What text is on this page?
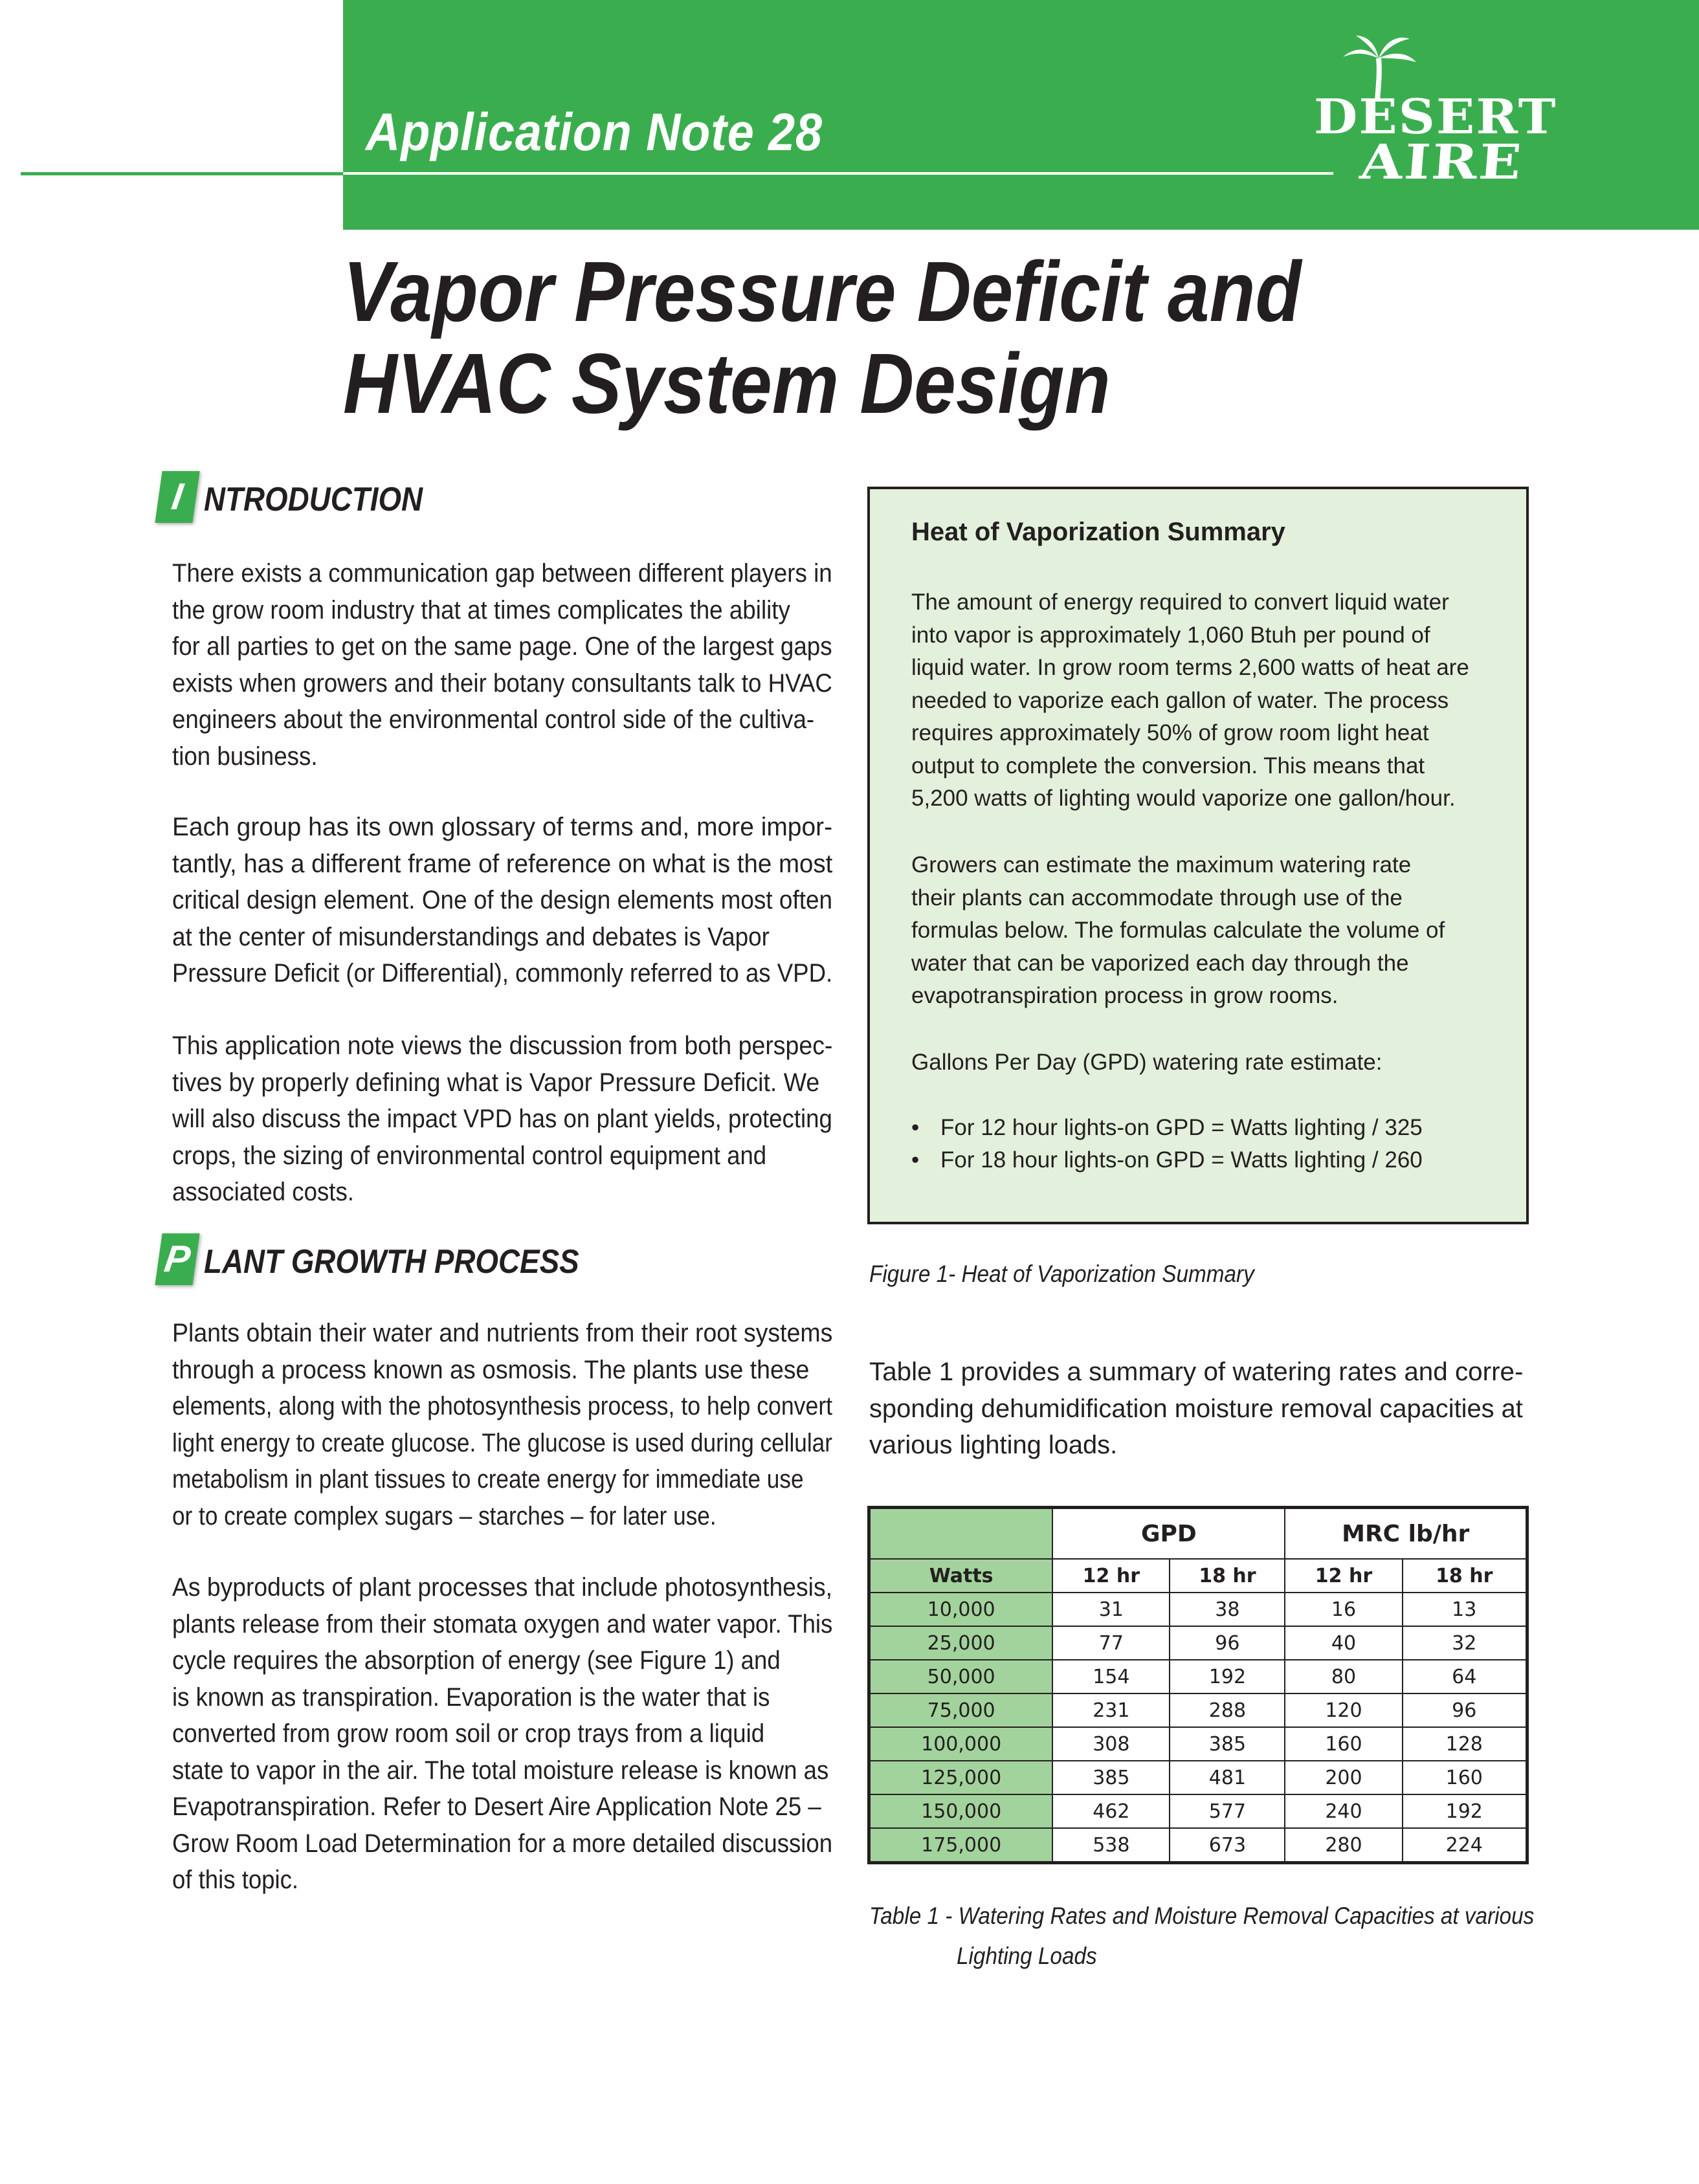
Application Note 28	DESERT
AIRE
Vapor Pressure Deficit and
HVAC System Design
I NTRODUCTION
There exists a communication gap between different players in
the grow room industry that at times complicates the ability
for all parties to get on the same page. One of the largest gaps
exists when growers and their botany consultants talk to HVAC
engineers about the environmental control side of the cultiva-
tion business.
Each group has its own glossary of terms and, more impor-
tantly, has a different frame of reference on what is the most
critical design element. One of the design elements most often
at the center of misunderstandings and debates is Vapor
Pressure Deficit (or Differential), commonly referred to as VPD.
This application note views the discussion from both perspec-
tives by properly defining what is Vapor Pressure Deficit. We
will also discuss the impact VPD has on plant yields, protecting
crops, the sizing of environmental control equipment and
associated costs.
P LANT GROWTH PROCESS
Plants obtain their water and nutrients from their root systems
through a process known as osmosis. The plants use these
elements, along with the photosynthesis process, to help convert
light energy to create glucose. The glucose is used during cellular
metabolism in plant tissues to create energy for immediate use
or to create complex sugars – starches – for later use.
As byproducts of plant processes that include photosynthesis,
plants release from their stomata oxygen and water vapor. This
cycle requires the absorption of energy (see Figure 1) and
is known as transpiration. Evaporation is the water that is
converted from grow room soil or crop trays from a liquid
state to vapor in the air. The total moisture release is known as
Evapotranspiration. Refer to Desert Aire Application Note 25 –
Grow Room Load Determination for a more detailed discussion
of this topic.
Heat of Vaporization Summary
The amount of energy required to convert liquid water
into vapor is approximately 1,060 Btuh per pound of
liquid water. In grow room terms 2,600 watts of heat are
needed to vaporize each gallon of water. The process
requires approximately 50% of grow room light heat
output to complete the conversion. This means that
5,200 watts of lighting would vaporize one gallon/hour.
Growers can estimate the maximum watering rate
their plants can accommodate through use of the
formulas below. The formulas calculate the volume of
water that can be vaporized each day through the
evapotranspiration process in grow rooms.
Gallons Per Day (GPD) watering rate estimate:
• For 12 hour lights-on GPD = Watts lighting / 325
• For 18 hour lights-on GPD = Watts lighting / 260
Figure 1- Heat of Vaporization Summary
Table 1 provides a summary of watering rates and corre-
sponding dehumidification moisture removal capacities at
various lighting loads.
	GPD		MRC lb/hr	
Watts	12 hr	18 hr	12 hr	18 hr
10,000	31	38	16	13
25,000	77	96	40	32
50,000	154	192	80	64
75,000	231	288	120	96
100,000	308	385	160	128
125,000	385	481	200	160
150,000	462	577	240	192
175,000	538	673	280	224
Table 1 - Watering Rates and Moisture Removal Capacities at various
Lighting Loads
